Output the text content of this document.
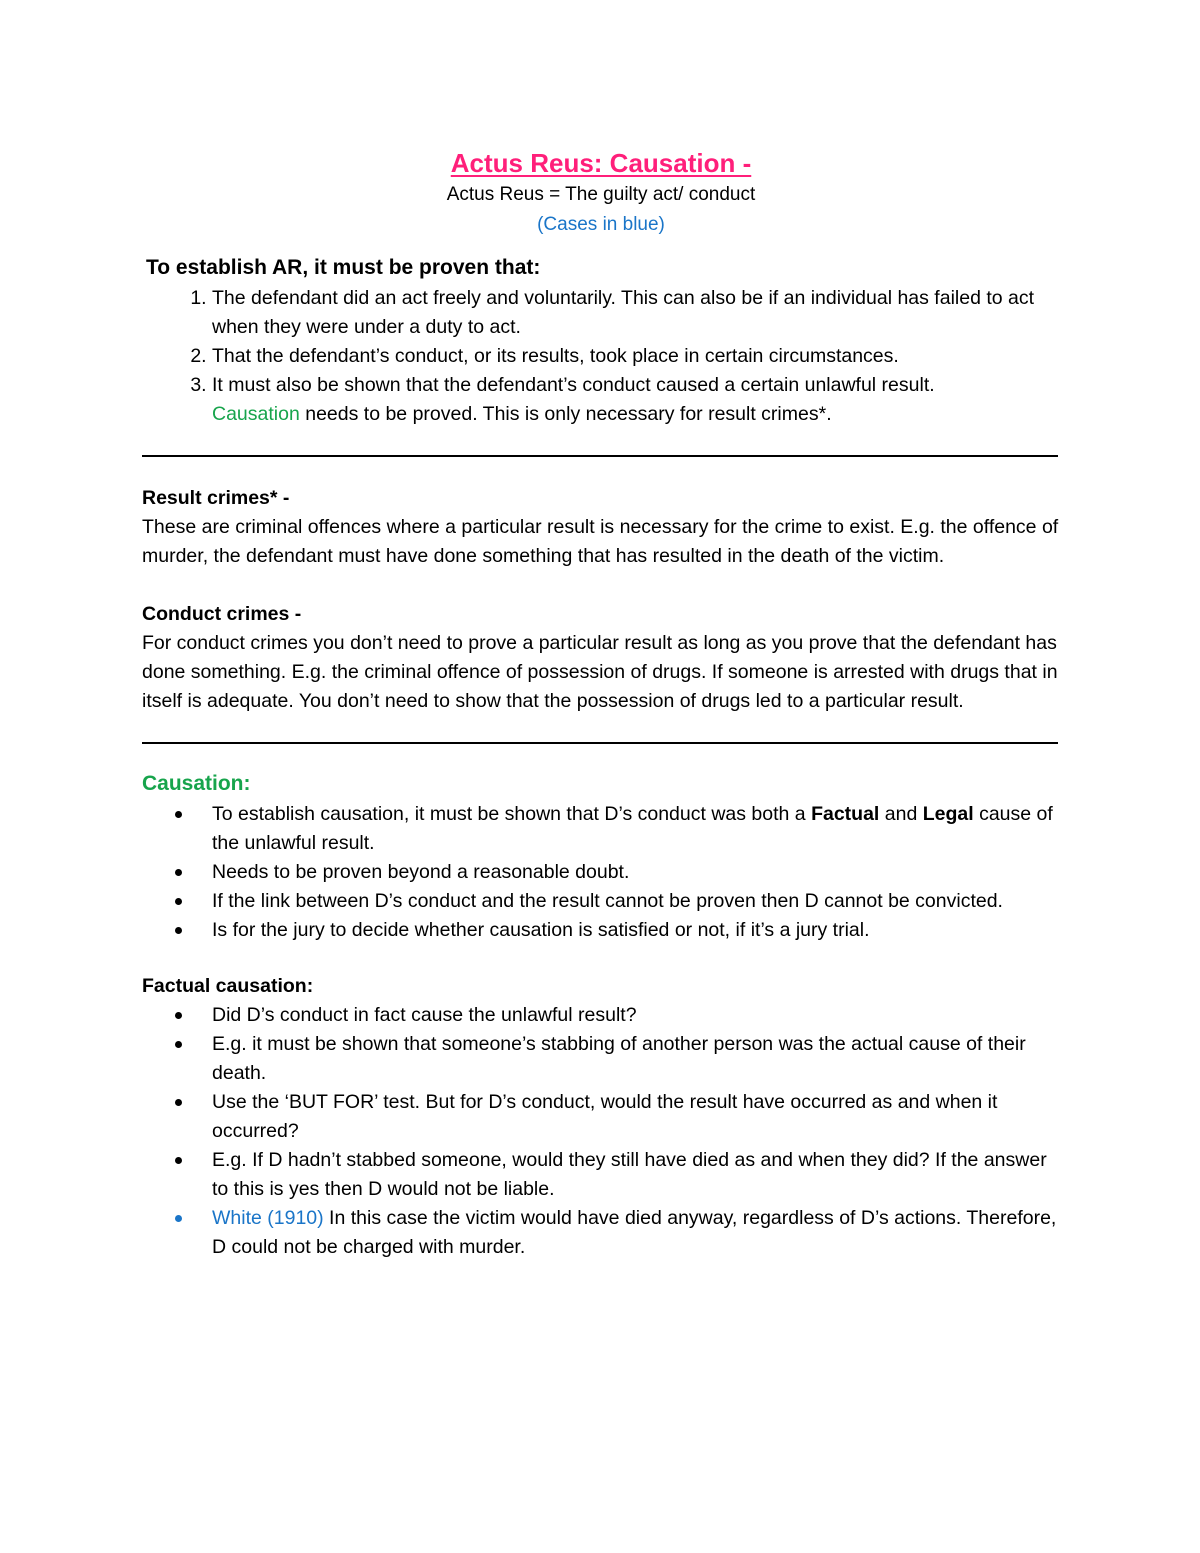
Actus Reus: Causation -

Actus Reus = The guilty act/ conduct

(Cases in blue)

To establish AR, it must be proven that:
1. The defendant did an act freely and voluntarily. This can also be if an individual has failed to act when they were under a duty to act.
2. That the defendant’s conduct, or its results, took place in certain circumstances.
3. It must also be shown that the defendant’s conduct caused a certain unlawful result.
Causation needs to be proved. This is only necessary for result crimes*.
Result crimes* -

These are criminal offences where a particular result is necessary for the crime to exist. E.g. the offence of murder, the defendant must have done something that has resulted in the death of the victim.

Conduct crimes -

For conduct crimes you don’t need to prove a particular result as long as you prove that the defendant has done something. E.g. the criminal offence of possession of drugs. If someone is arrested with drugs that in itself is adequate. You don’t need to show that the possession of drugs led to a particular result.

Causation:
To establish causation, it must be shown that D’s conduct was both a Factual and Legal cause of the unlawful result.
Needs to be proven beyond a reasonable doubt.
If the link between D’s conduct and the result cannot be proven then D cannot be convicted.
Is for the jury to decide whether causation is satisfied or not, if it’s a jury trial.
Factual causation:
Did D’s conduct in fact cause the unlawful result?
E.g. it must be shown that someone’s stabbing of another person was the actual cause of their death.
Use the ‘BUT FOR’ test. But for D’s conduct, would the result have occurred as and when it occurred?
E.g. If D hadn’t stabbed someone, would they still have died as and when they did? If the answer to this is yes then D would not be liable.
White (1910) In this case the victim would have died anyway, regardless of D’s actions. Therefore, D could not be charged with murder.
